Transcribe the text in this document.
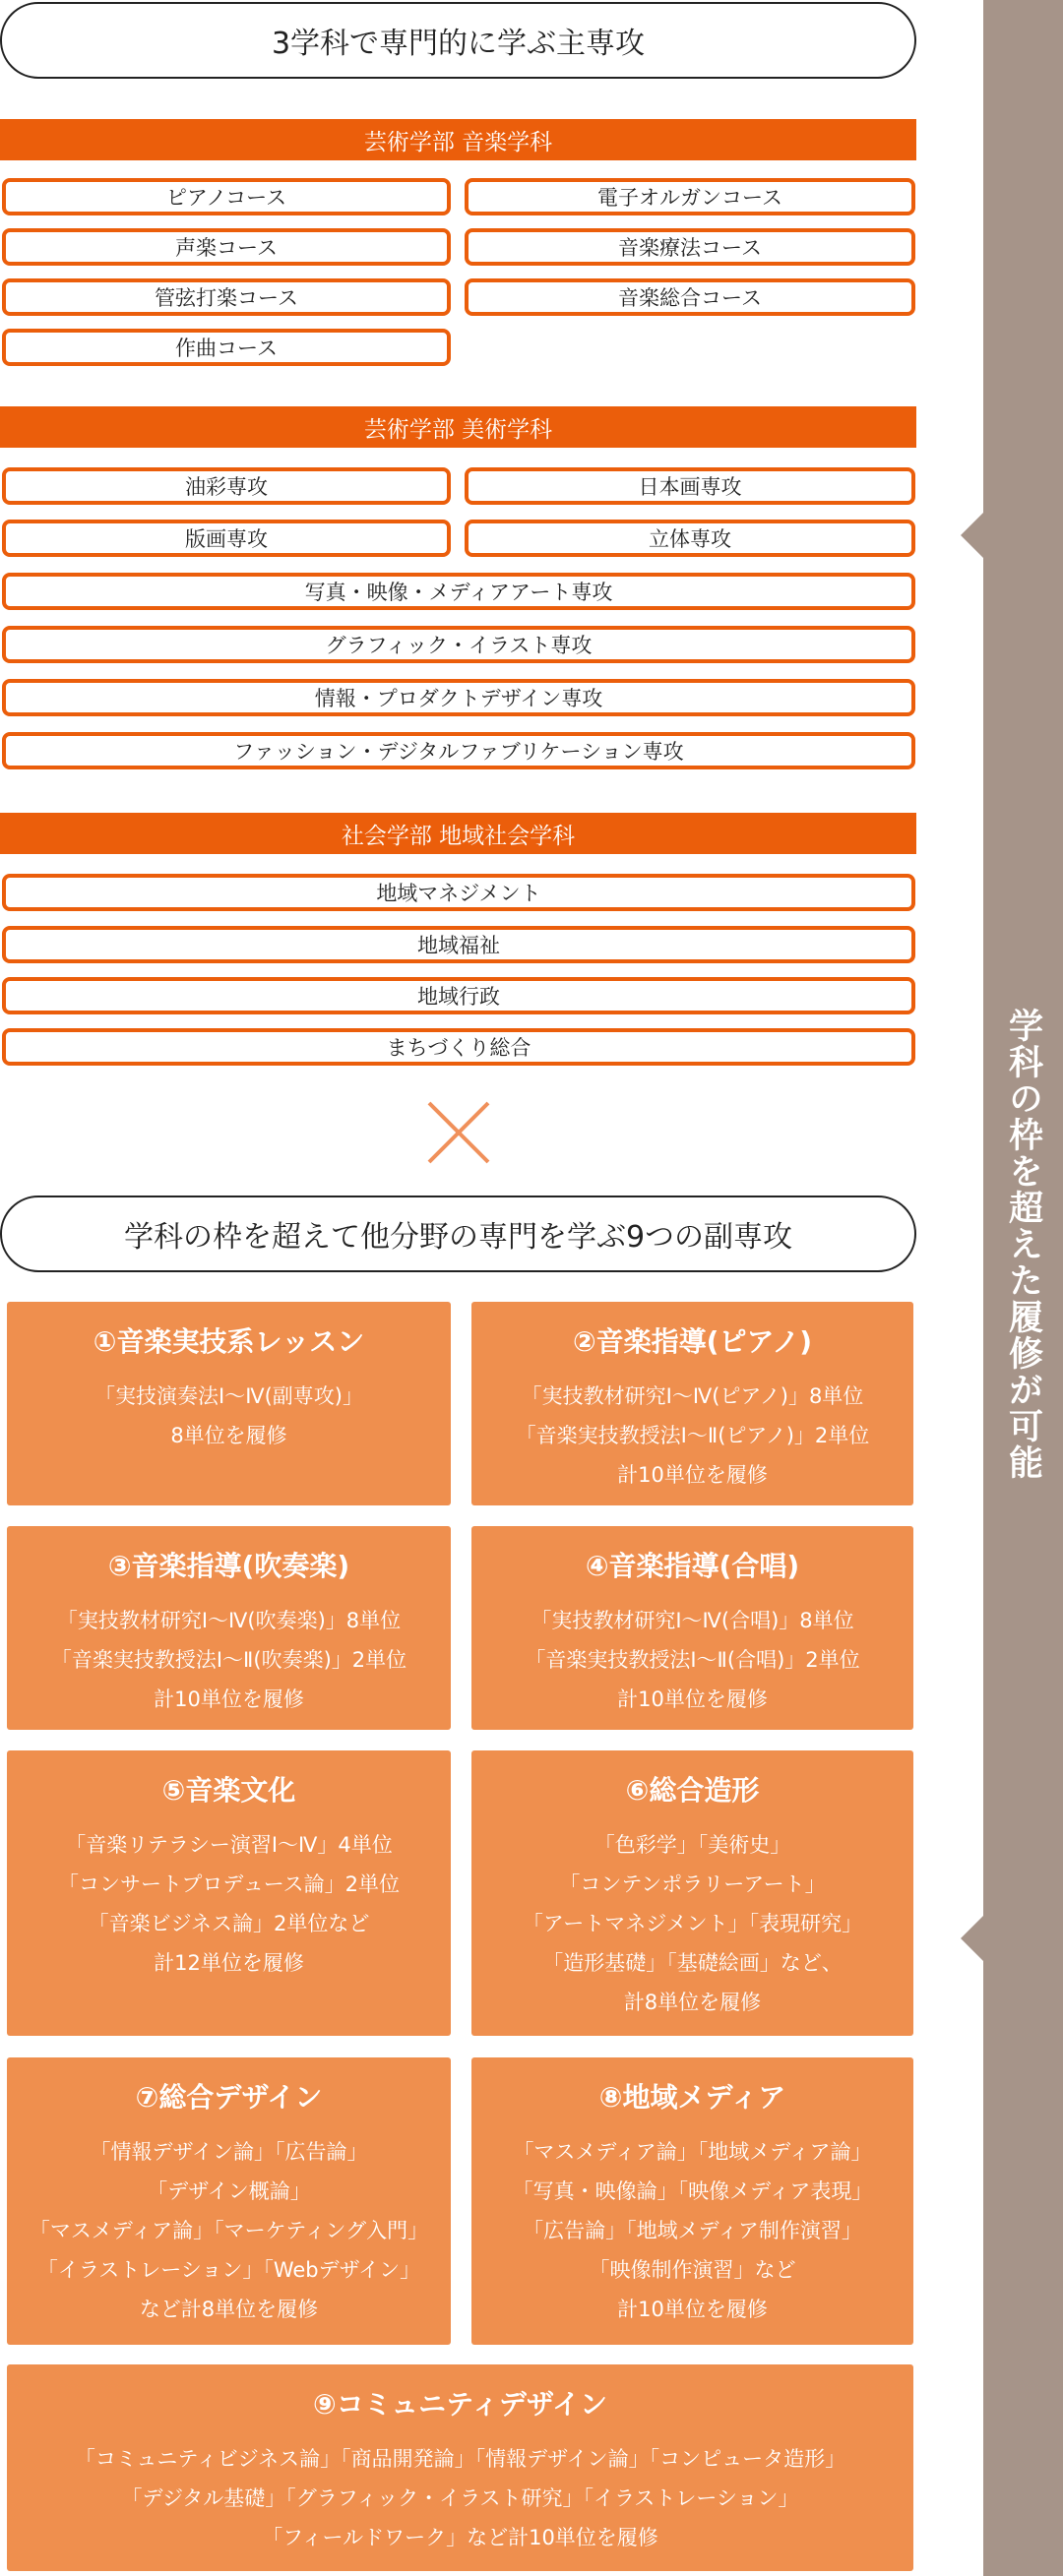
3学科で専門的に学ぶ主専攻
芸術学部 音楽学科
ピアノコース	電子オルガンコース
声楽コース	音楽療法コース
管弦打楽コース	音楽総合コース
作曲コース
芸術学部 美術学科
油彩専攻	日本画専攻
版画専攻	立体専攻
写真・映像・メディアアート専攻
グラフィック・イラスト専攻
情報・プロダクトデザイン専攻
ファッション・デジタルファブリケーション専攻
社会学部 地域社会学科
地域マネジメント
地域福祉
地域行政
まちづくり総合
学科の枠を超えて他分野の専門を学ぶ9つの副専攻
①音楽実技系レッスン
「実技演奏法Ⅰ〜Ⅳ(副専攻)」
8単位を履修
②音楽指導(ピアノ)
「実技教材研究Ⅰ〜Ⅳ(ピアノ)」8単位
「音楽実技教授法Ⅰ〜Ⅱ(ピアノ)」2単位
計10単位を履修
③音楽指導(吹奏楽)
「実技教材研究Ⅰ〜Ⅳ(吹奏楽)」8単位
「音楽実技教授法Ⅰ〜Ⅱ(吹奏楽)」2単位
計10単位を履修
④音楽指導(合唱)
「実技教材研究Ⅰ〜Ⅳ(合唱)」8単位
「音楽実技教授法Ⅰ〜Ⅱ(合唱)」2単位
計10単位を履修
⑤音楽文化
「音楽リテラシー演習Ⅰ〜Ⅳ」4単位
「コンサートプロデュース論」2単位
「音楽ビジネス論」2単位など
計12単位を履修
⑥総合造形
「色彩学」「美術史」
「コンテンポラリーアート」
「アートマネジメント」「表現研究」
「造形基礎」「基礎絵画」など、
計8単位を履修
⑦総合デザイン
「情報デザイン論」「広告論」
「デザイン概論」
「マスメディア論」「マーケティング入門」
「イラストレーション」「Webデザイン」
など計8単位を履修
⑧地域メディア
「マスメディア論」「地域メディア論」
「写真・映像論」「映像メディア表現」
「広告論」「地域メディア制作演習」
「映像制作演習」など
計10単位を履修
⑨コミュニティデザイン
「コミュニティビジネス論」「商品開発論」「情報デザイン論」「コンピュータ造形」
「デジタル基礎」「グラフィック・イラスト研究」「イラストレーション」
「フィールドワーク」など計10単位を履修
学科の枠を超えた履修が可能
